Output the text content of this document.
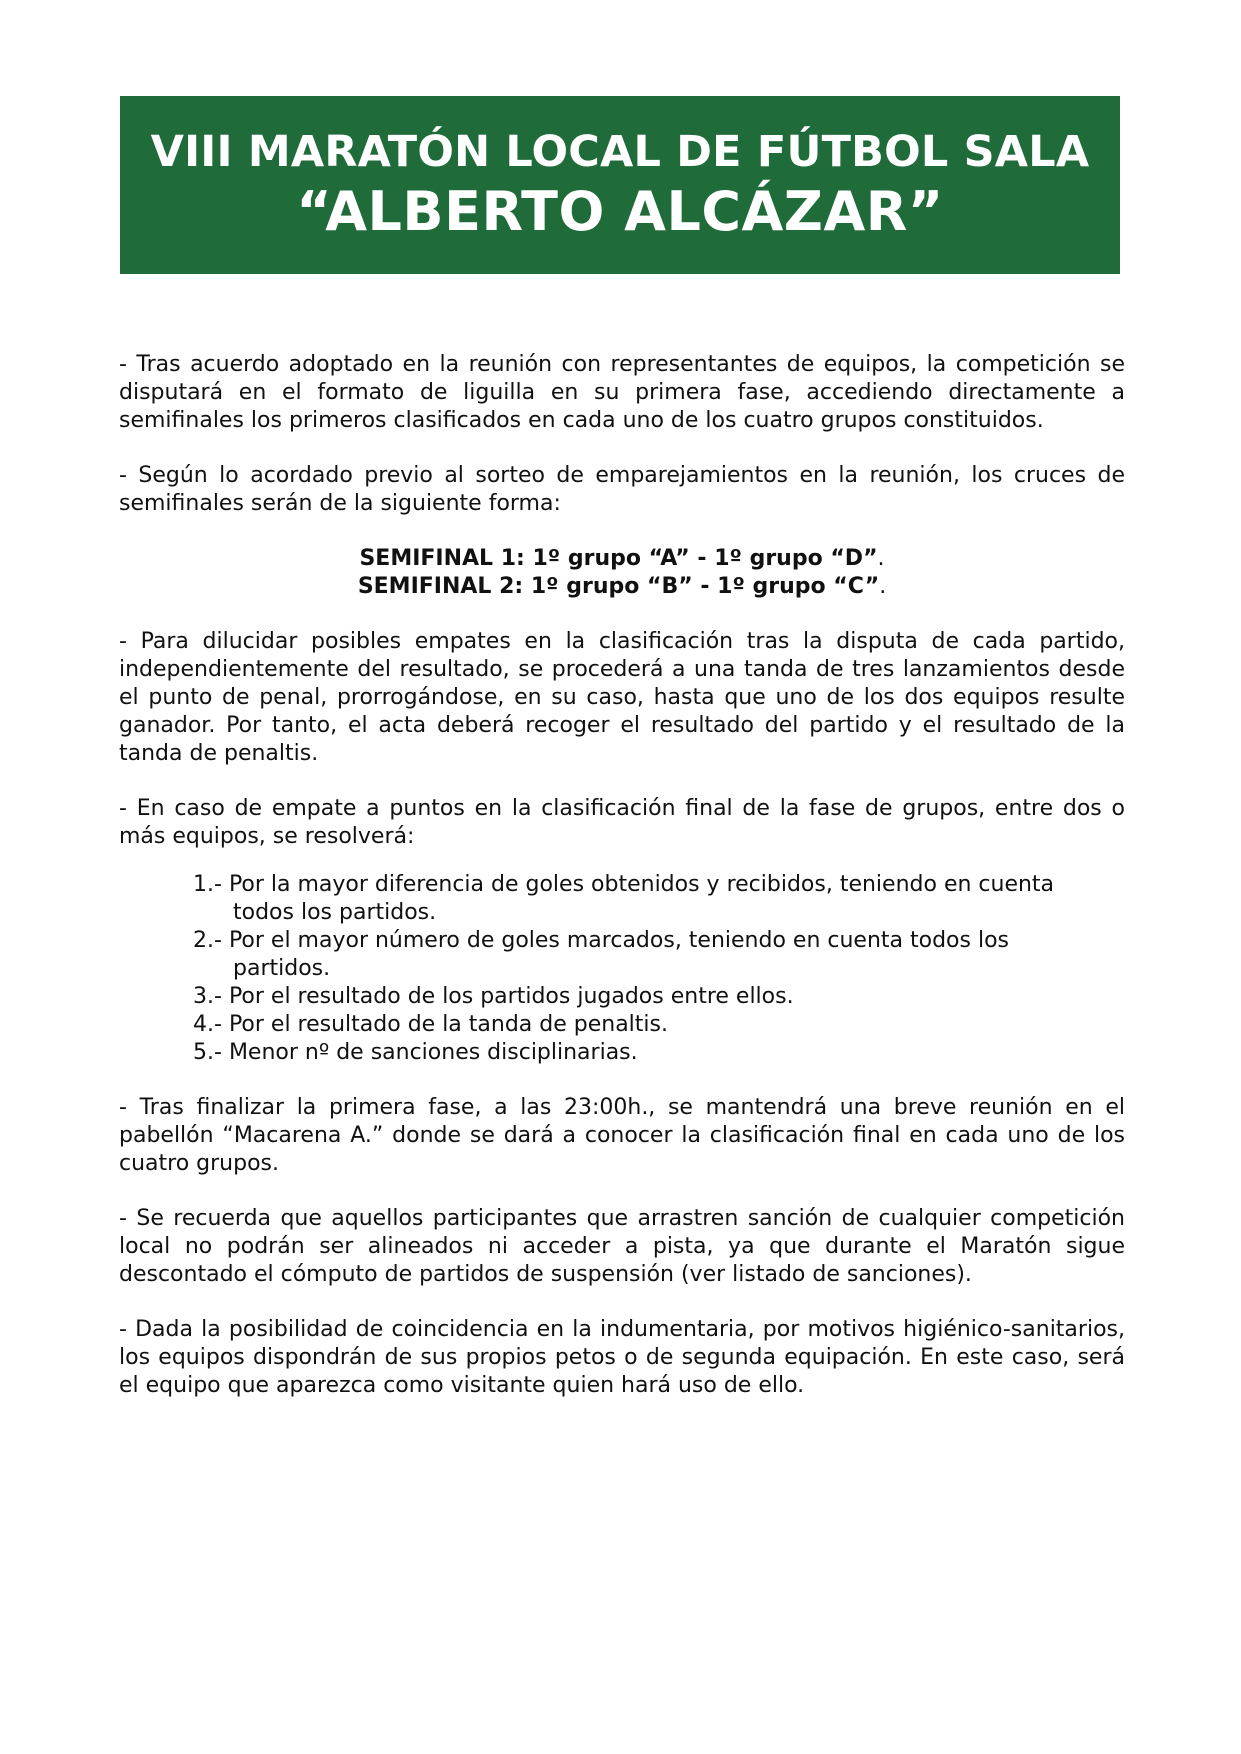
VIII MARATÓN LOCAL DE FÚTBOL SALA
“ALBERTO ALCÁZAR”

- Tras acuerdo adoptado en la reunión con representantes de equipos, la competición se disputará en el formato de liguilla en su primera fase, accediendo directamente a semifinales los primeros clasificados en cada uno de los cuatro grupos constituidos.

- Según lo acordado previo al sorteo de emparejamientos en la reunión, los cruces de semifinales serán de la siguiente forma:

SEMIFINAL 1: 1º grupo “A” - 1º grupo “D”.
SEMIFINAL 2: 1º grupo “B” - 1º grupo “C”.

- Para dilucidar posibles empates en la clasificación tras la disputa de cada partido, independientemente del resultado, se procederá a una tanda de tres lanzamientos desde el punto de penal, prorrogándose, en su caso, hasta que uno de los dos equipos resulte ganador. Por tanto, el acta deberá recoger el resultado del partido y el resultado de la tanda de penaltis.

- En caso de empate a puntos en la clasificación final de la fase de grupos, entre dos o más equipos, se resolverá:

1.- Por la mayor diferencia de goles obtenidos y recibidos, teniendo en cuenta todos los partidos.
2.- Por el mayor número de goles marcados, teniendo en cuenta todos los partidos.
3.- Por el resultado de los partidos jugados entre ellos.
4.- Por el resultado de la tanda de penaltis.
5.- Menor nº de sanciones disciplinarias.

- Tras finalizar la primera fase, a las 23:00h., se mantendrá una breve reunión en el pabellón “Macarena A.” donde se dará a conocer la clasificación final en cada uno de los cuatro grupos.

- Se recuerda que aquellos participantes que arrastren sanción de cualquier competición local no podrán ser alineados ni acceder a pista, ya que durante el Maratón sigue descontado el cómputo de partidos de suspensión (ver listado de sanciones).

- Dada la posibilidad de coincidencia en la indumentaria, por motivos higiénico-sanitarios, los equipos dispondrán de sus propios petos o de segunda equipación. En este caso, será el equipo que aparezca como visitante quien hará uso de ello.
